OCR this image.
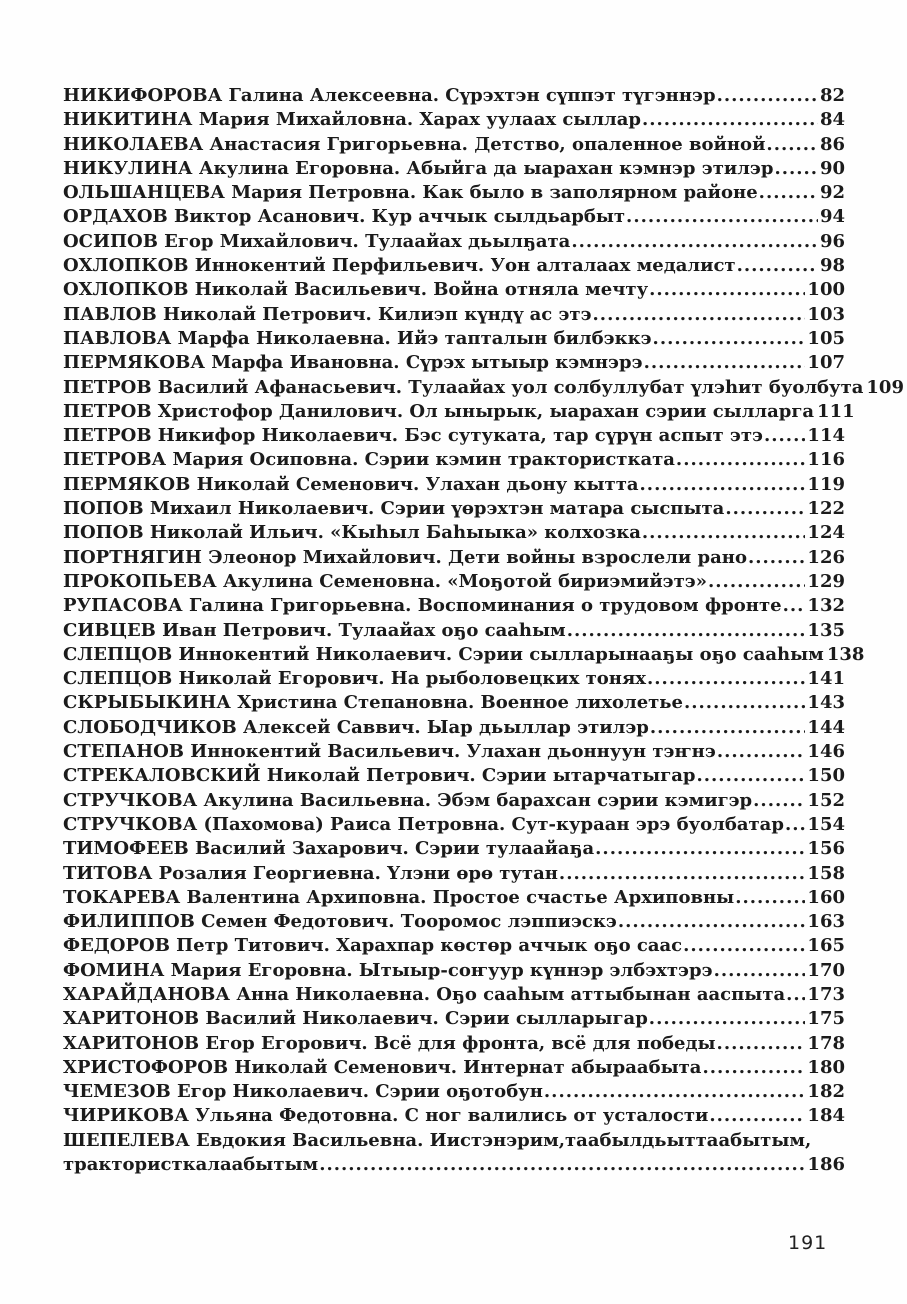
НИКИФОРОВА Галина Алексеевна. Сүрэхтэн сүппэт түгэннэр .....	82
НИКИТИНА Мария Михайловна. Харах уулаах сыллар .....	84
НИКОЛАЕВА Анастасия Григорьевна. Детство, опаленное войной .....	86
НИКУЛИНА Акулина Егоровна. Абыйга да ыарахан кэмнэр этилэр .....	90
ОЛЬШАНЦЕВА Мария Петровна. Как было в заполярном районе .....	92
ОРДАХОВ Виктор Асанович. Кур аччык сылдьарбыт .....	94
ОСИПОВ Егор Михайлович. Тулаайах дьылҕата .....	96
ОХЛОПКОВ Иннокентий Перфильевич. Уон алталаах медалист .....	98
ОХЛОПКОВ Николай Васильевич. Война отняла мечту .....	100
ПАВЛОВ Николай Петрович. Килиэп күндү ас этэ .....	103
ПАВЛОВА Марфа Николаевна. Ийэ тапталын билбэккэ .....	105
ПЕРМЯКОВА Марфа Ивановна. Сүрэх ытыыр кэмнэрэ .....	107
ПЕТРОВ Василий Афанасьевич. Тулаайах уол солбуллубат үлэһит буолбута 109
ПЕТРОВ Христофор Данилович. Ол ынырык, ыарахан сэрии сылларга 111
ПЕТРОВ Никифор Николаевич. Бэс сутуката, тар сүрүн аспыт этэ ..... 114
ПЕТРОВА Мария Осиповна. Сэрии кэмин трактористката .....	116
ПЕРМЯКОВ Николай Семенович. Улахан дьону кытта .....	119
ПОПОВ Михаил Николаевич. Сэрии үөрэхтэн матара сыспыта .....	122
ПОПОВ Николай Ильич. «Кыһыл Баһыыка» колхозка .....	124
ПОРТНЯГИН Элеонор Михайлович. Дети войны взрослели рано .....	126
ПРОКОПЬЕВА Акулина Семеновна. «Моҕотой бириэмийэтэ» .....	129
РУПАСОВА Галина Григорьевна. Воспоминания о трудовом фронте ..... 132
СИВЦЕВ Иван Петрович. Тулаайах оҕо сааһым .....	135
СЛЕПЦОВ Иннокентий Николаевич. Сэрии сылларынааҕы оҕо сааһым 138
СЛЕПЦОВ Николай Егорович. На рыболовецких тонях .....	141
СКРЫБЫКИНА Христина Степановна. Военное лихолетье .....	143
СЛОБОДЧИКОВ Алексей Саввич. Ыар дьыллар этилэр .....	144
СТЕПАНОВ Иннокентий Васильевич. Улахан дьоннуун тэҥнэ .....	146
СТРЕКАЛОВСКИЙ Николай Петрович. Сэрии ытарчатыгар .....	150
СТРУЧКОВА Акулина Васильевна. Эбэм барахсан сэрии кэмигэр .....	152
СТРУЧКОВА (Пахомова) Раиса Петровна. Сут-кураан эрэ буолбатар ..... 154
ТИМОФЕЕВ Василий Захарович. Сэрии тулаайаҕа .....	156
ТИТОВА Розалия Георгиевна. Үлэни өрө тутан .....	158
ТОКАРЕВА Валентина Архиповна. Простое счастье Архиповны .....	160
ФИЛИППОВ Семен Федотович. Тооромос лэппиэскэ .....	163
ФЕДОРОВ Петр Титович. Харахпар көстөр аччык оҕо саас .....	165
ФОМИНА Мария Егоровна. Ытыыр-соҥуур күннэр элбэхтэрэ .....	170
ХАРАЙДАНОВА Анна Николаевна. Оҕо сааһым аттыбынан ааспыта ..... 173
ХАРИТОНОВ Василий Николаевич. Сэрии сылларыгар .....	175
ХАРИТОНОВ Егор Егорович. Всё для фронта, всё для победы .....	178
ХРИСТОФОРОВ Николай Семенович. Интернат абыраабыта .....	180
ЧЕМЕЗОВ Егор Николаевич. Сэрии оҕотобун .....	182
ЧИРИКОВА Ульяна Федотовна. С ног валились от усталости .....	184
ШЕПЕЛЕВА Евдокия Васильевна. Иистэнэрим,таабылдьыттаабытым,
трактористкалаабытым .....	186
191
